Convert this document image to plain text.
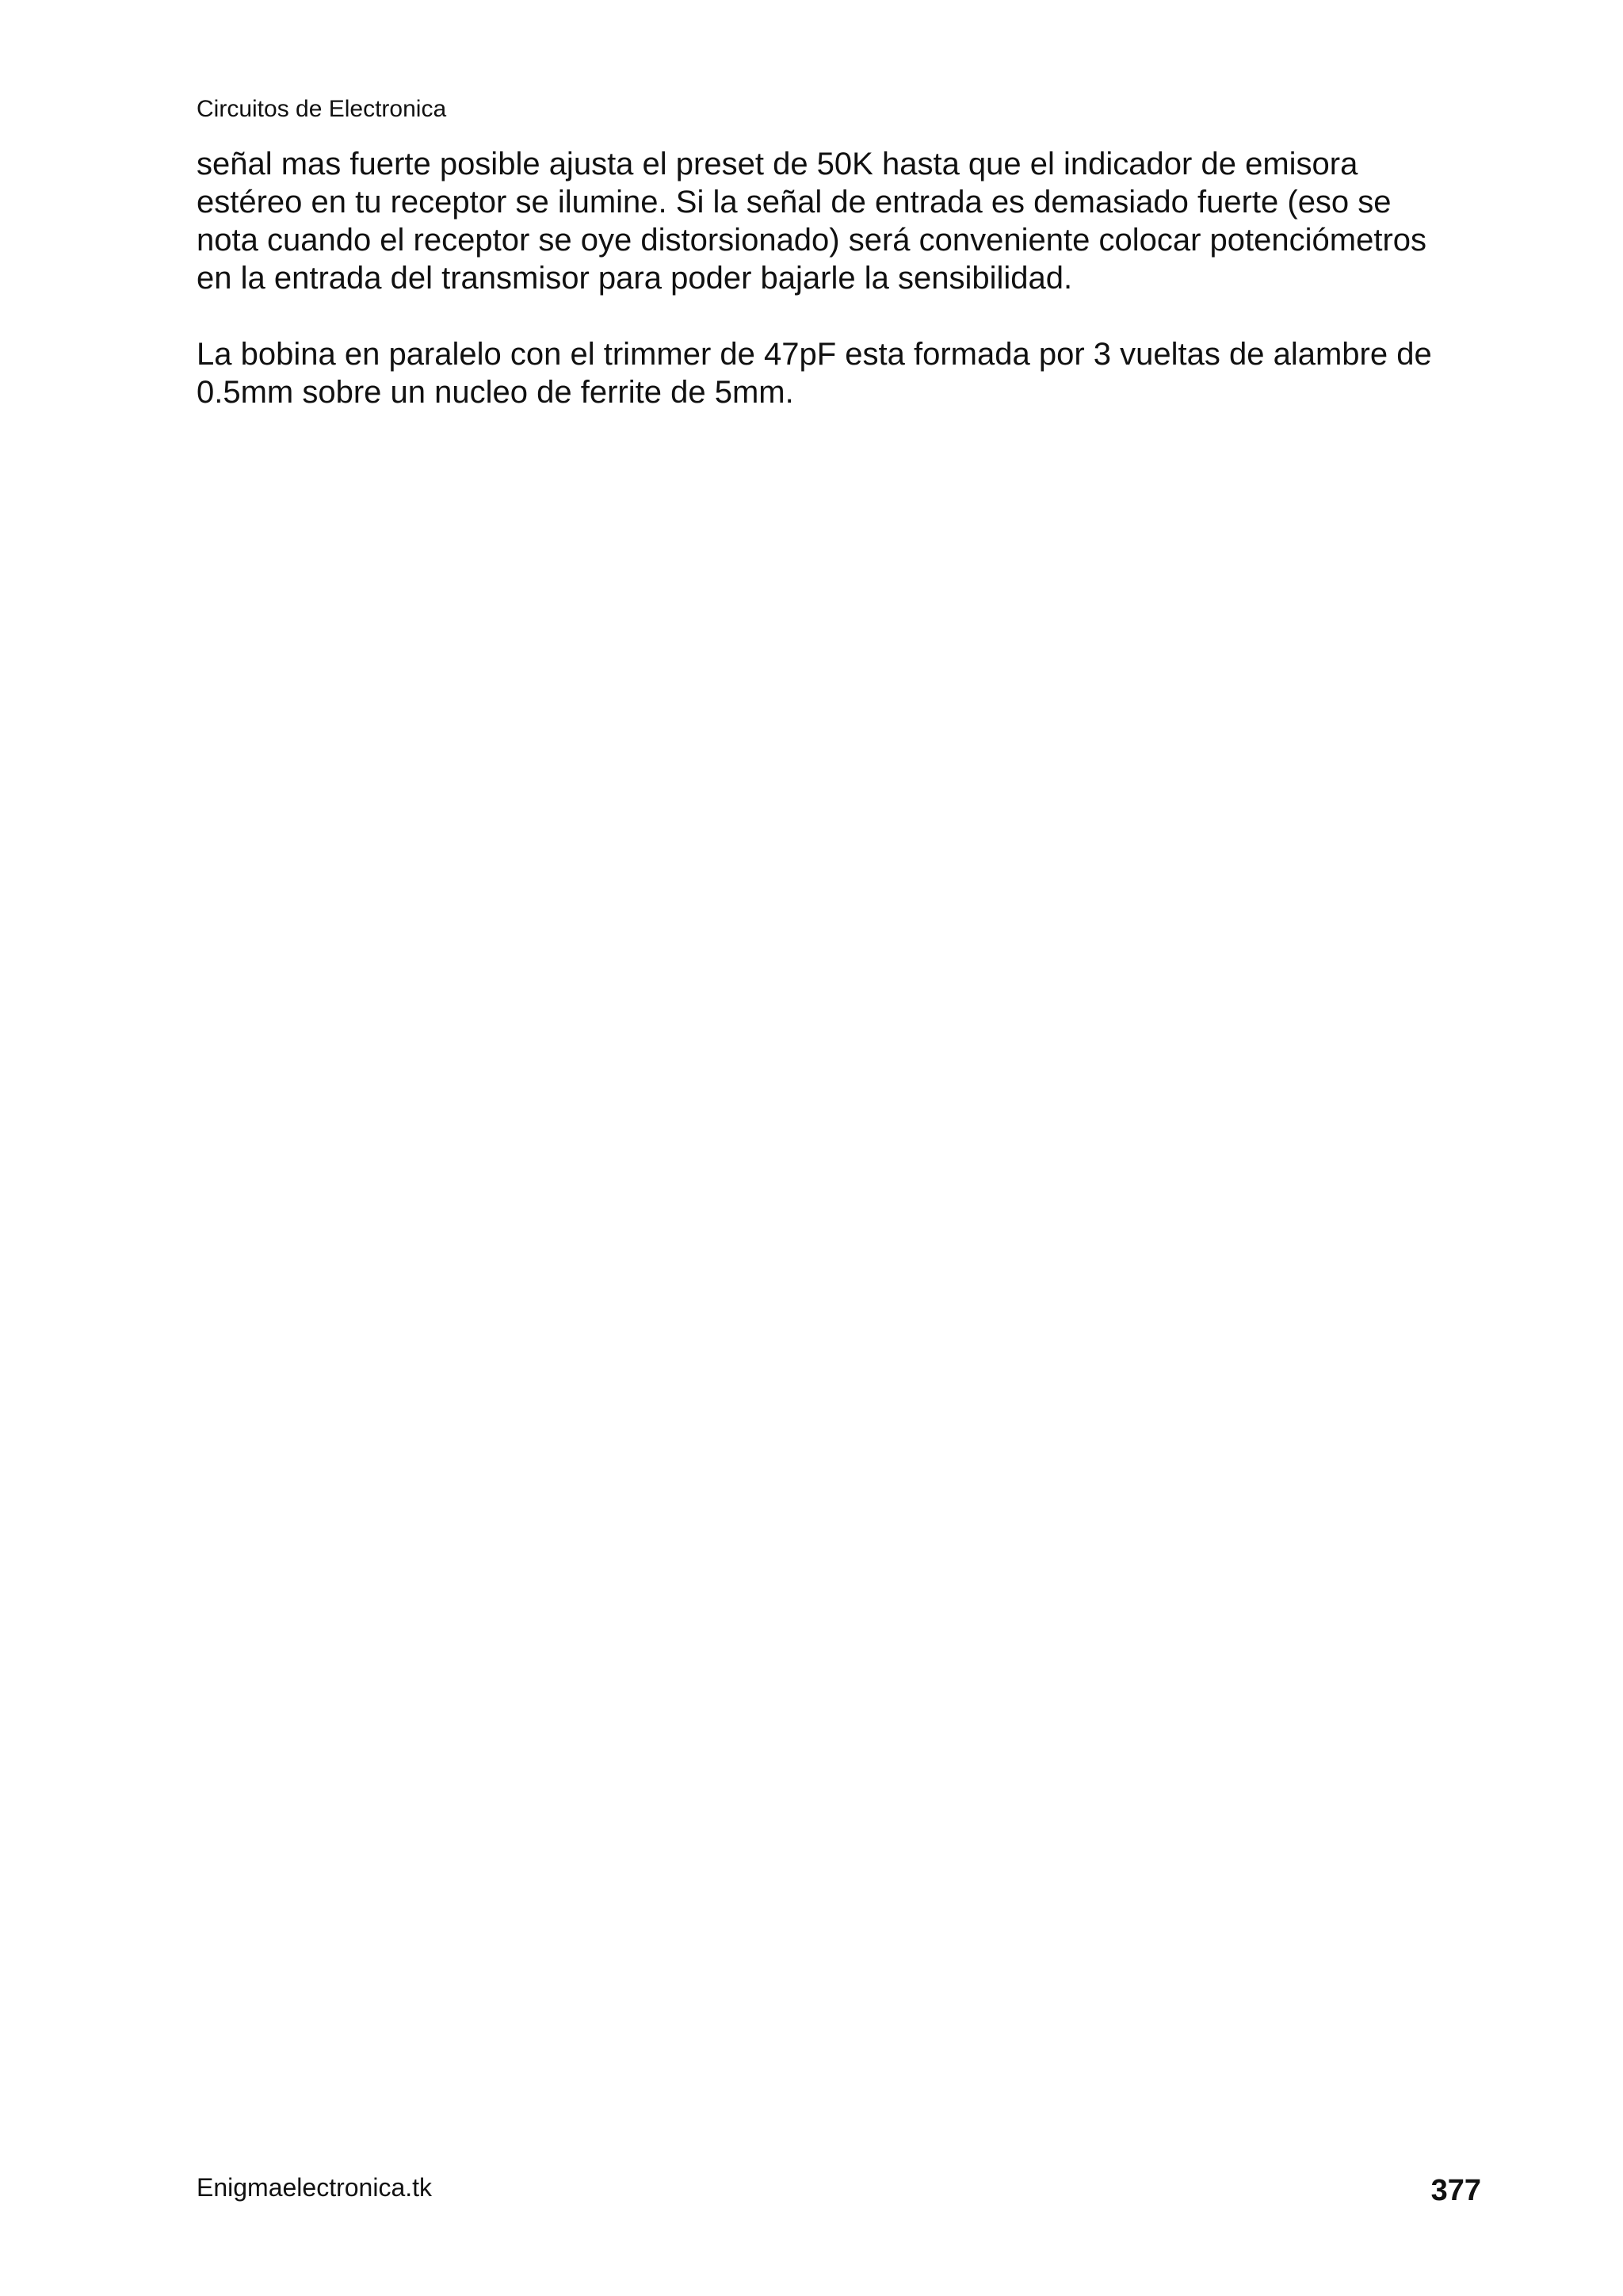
Circuitos de Electronica

señal mas fuerte posible ajusta el preset de 50K hasta que el indicador de emisora
estéreo en tu receptor se ilumine. Si la señal de entrada es demasiado fuerte (eso se
nota cuando el receptor se oye distorsionado) será conveniente colocar potenciómetros
en la entrada del transmisor para poder bajarle la sensibilidad.

La bobina en paralelo con el trimmer de 47pF esta formada por 3 vueltas de alambre de
0.5mm sobre un nucleo de ferrite de 5mm.

Enigmaelectronica.tk	377
